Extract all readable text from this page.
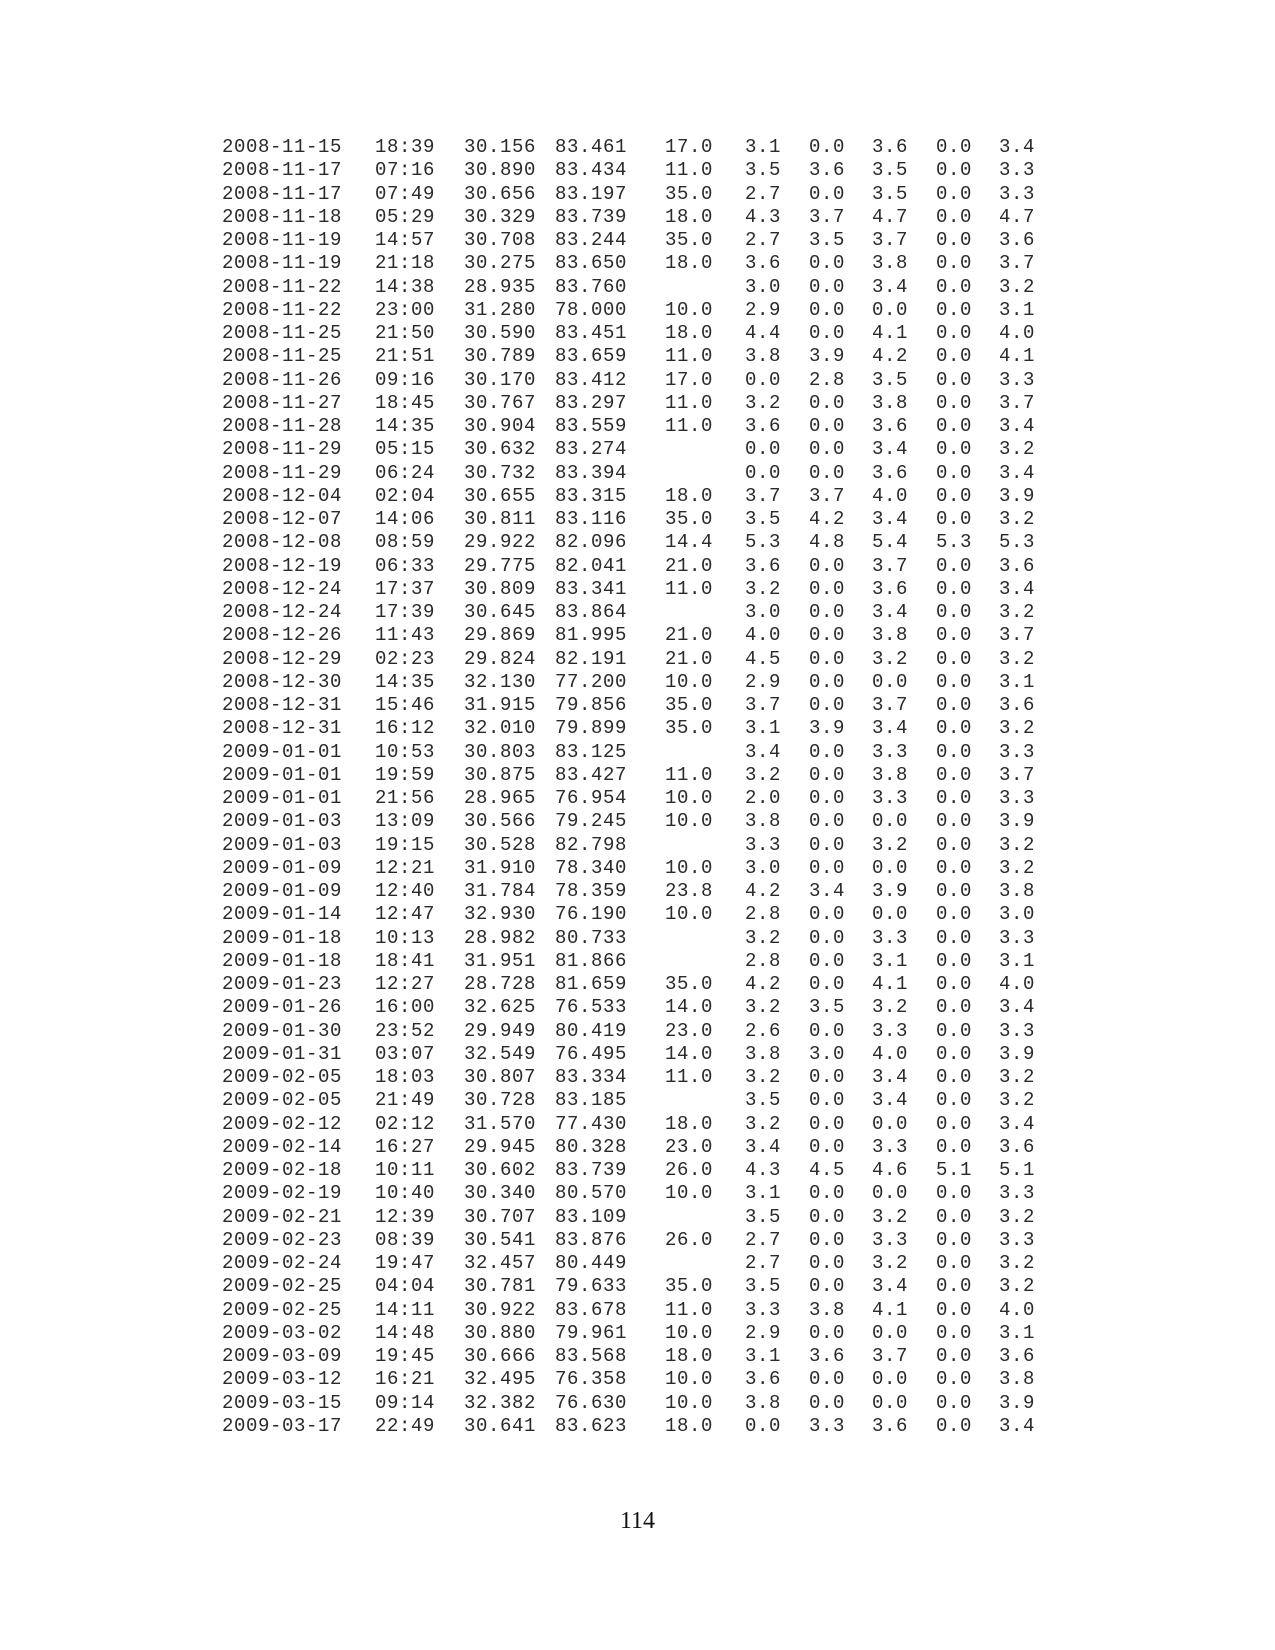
2008-11-15 18:39 30.156 83.461 17.0 3.1 0.0 3.6 0.0 3.4
2008-11-17 07:16 30.890 83.434 11.0 3.5 3.6 3.5 0.0 3.3
2008-11-17 07:49 30.656 83.197 35.0 2.7 0.0 3.5 0.0 3.3
2008-11-18 05:29 30.329 83.739 18.0 4.3 3.7 4.7 0.0 4.7
2008-11-19 14:57 30.708 83.244 35.0 2.7 3.5 3.7 0.0 3.6
2008-11-19 21:18 30.275 83.650 18.0 3.6 0.0 3.8 0.0 3.7
2008-11-22 14:38 28.935 83.760	3.0 0.0 3.4 0.0 3.2
2008-11-22 23:00 31.280 78.000 10.0 2.9 0.0 0.0 0.0 3.1
2008-11-25 21:50 30.590 83.451 18.0 4.4 0.0 4.1 0.0 4.0
2008-11-25 21:51 30.789 83.659 11.0 3.8 3.9 4.2 0.0 4.1
2008-11-26 09:16 30.170 83.412 17.0 0.0 2.8 3.5 0.0 3.3
2008-11-27 18:45 30.767 83.297 11.0 3.2 0.0 3.8 0.0 3.7
2008-11-28 14:35 30.904 83.559 11.0 3.6 0.0 3.6 0.0 3.4
2008-11-29 05:15 30.632 83.274	0.0 0.0 3.4 0.0 3.2
2008-11-29 06:24 30.732 83.394	0.0 0.0 3.6 0.0 3.4
2008-12-04 02:04 30.655 83.315 18.0 3.7 3.7 4.0 0.0 3.9
2008-12-07 14:06 30.811 83.116 35.0 3.5 4.2 3.4 0.0 3.2
2008-12-08 08:59 29.922 82.096 14.4 5.3 4.8 5.4 5.3 5.3
2008-12-19 06:33 29.775 82.041 21.0 3.6 0.0 3.7 0.0 3.6
2008-12-24 17:37 30.809 83.341 11.0 3.2 0.0 3.6 0.0 3.4
2008-12-24 17:39 30.645 83.864	3.0 0.0 3.4 0.0 3.2
2008-12-26 11:43 29.869 81.995 21.0 4.0 0.0 3.8 0.0 3.7
2008-12-29 02:23 29.824 82.191 21.0 4.5 0.0 3.2 0.0 3.2
2008-12-30 14:35 32.130 77.200 10.0 2.9 0.0 0.0 0.0 3.1
2008-12-31 15:46 31.915 79.856 35.0 3.7 0.0 3.7 0.0 3.6
2008-12-31 16:12 32.010 79.899 35.0 3.1 3.9 3.4 0.0 3.2
2009-01-01 10:53 30.803 83.125	3.4 0.0 3.3 0.0 3.3
2009-01-01 19:59 30.875 83.427 11.0 3.2 0.0 3.8 0.0 3.7
2009-01-01 21:56 28.965 76.954 10.0 2.0 0.0 3.3 0.0 3.3
2009-01-03 13:09 30.566 79.245 10.0 3.8 0.0 0.0 0.0 3.9
2009-01-03 19:15 30.528 82.798	3.3 0.0 3.2 0.0 3.2
2009-01-09 12:21 31.910 78.340 10.0 3.0 0.0 0.0 0.0 3.2
2009-01-09 12:40 31.784 78.359 23.8 4.2 3.4 3.9 0.0 3.8
2009-01-14 12:47 32.930 76.190 10.0 2.8 0.0 0.0 0.0 3.0
2009-01-18 10:13 28.982 80.733	3.2 0.0 3.3 0.0 3.3
2009-01-18 18:41 31.951 81.866	2.8 0.0 3.1 0.0 3.1
2009-01-23 12:27 28.728 81.659 35.0 4.2 0.0 4.1 0.0 4.0
2009-01-26 16:00 32.625 76.533 14.0 3.2 3.5 3.2 0.0 3.4
2009-01-30 23:52 29.949 80.419 23.0 2.6 0.0 3.3 0.0 3.3
2009-01-31 03:07 32.549 76.495 14.0 3.8 3.0 4.0 0.0 3.9
2009-02-05 18:03 30.807 83.334 11.0 3.2 0.0 3.4 0.0 3.2
2009-02-05 21:49 30.728 83.185	3.5 0.0 3.4 0.0 3.2
2009-02-12 02:12 31.570 77.430 18.0 3.2 0.0 0.0 0.0 3.4
2009-02-14 16:27 29.945 80.328 23.0 3.4 0.0 3.3 0.0 3.6
2009-02-18 10:11 30.602 83.739 26.0 4.3 4.5 4.6 5.1 5.1
2009-02-19 10:40 30.340 80.570 10.0 3.1 0.0 0.0 0.0 3.3
2009-02-21 12:39 30.707 83.109	3.5 0.0 3.2 0.0 3.2
2009-02-23 08:39 30.541 83.876 26.0 2.7 0.0 3.3 0.0 3.3
2009-02-24 19:47 32.457 80.449	2.7 0.0 3.2 0.0 3.2
2009-02-25 04:04 30.781 79.633 35.0 3.5 0.0 3.4 0.0 3.2
2009-02-25 14:11 30.922 83.678 11.0 3.3 3.8 4.1 0.0 4.0
2009-03-02 14:48 30.880 79.961 10.0 2.9 0.0 0.0 0.0 3.1
2009-03-09 19:45 30.666 83.568 18.0 3.1 3.6 3.7 0.0 3.6
2009-03-12 16:21 32.495 76.358 10.0 3.6 0.0 0.0 0.0 3.8
2009-03-15 09:14 32.382 76.630 10.0 3.8 0.0 0.0 0.0 3.9
2009-03-17 22:49 30.641 83.623 18.0 0.0 3.3 3.6 0.0 3.4
114
